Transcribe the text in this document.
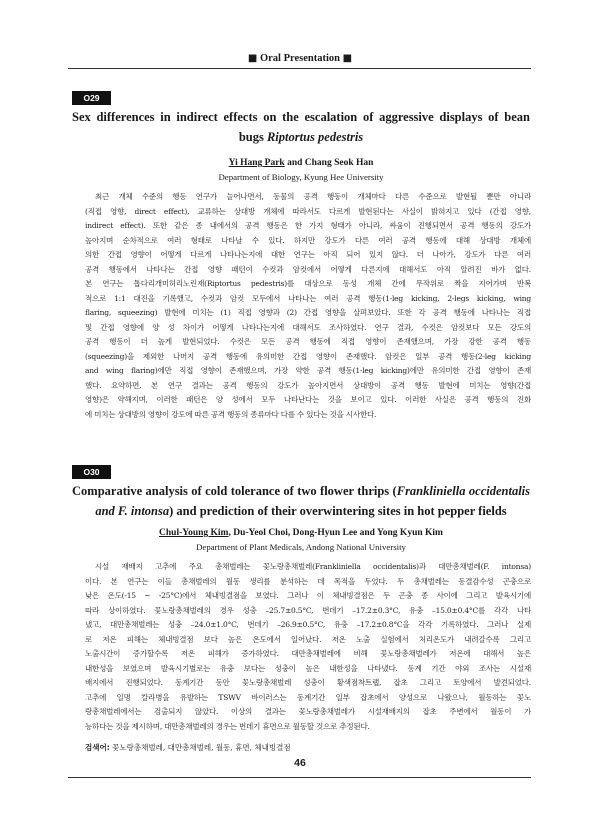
■ Oral Presentation ■
O29
Sex differences in indirect effects on the escalation of aggressive displays of bean
bugs Riptortus pedestris
Yi Hang Park and Chang Seok Han
Department of Biology, Kyung Hee University
최근 개체 수준의 행동 연구가 늘어나면서, 동물의 공격 행동이 개체마다 다른 수준으로 발현될 뿐만 아니라
(직접 영향, direct effect), 교류하는 상대방 개체에 따라서도 다르게 발현된다는 사실이 밝혀지고 있다 (간접 영향,
indirect effect). 또한 같은 종 내에서의 공격 행동은 한 가지 형태가 아니라, 싸움이 진행되면서 공격 행동의 강도가
높아지며 순차적으로 여러 형태로 나타날 수 있다. 하지만 강도가 다른 여러 공격 행동에 대해 상대방 개체에
의한 간접 영향이 어떻게 다르게 나타나는지에 대한 연구는 아직 되어 있지 않다. 더 나아가, 강도가 다른 여러
공격 행동에서 나타나는 간접 영향 패턴이 수컷과 암컷에서 어떻게 다른지에 대해서도 아직 알려진 바가 없다.
본 연구는 톱다리개미허리노린재(Riptortus pedestris)를 대상으로 동성 개체 간에 무작위로 짝을 지어가며 반복
적으로 1:1 대진을 기록했고, 수컷과 암컷 모두에서 나타나는 여러 공격 행동(1-leg kicking, 2-legs kicking, wing
flaring, squeezing) 발현에 미치는 (1) 직접 영향과 (2) 간접 영향을 살펴보았다. 또한 각 공격 행동에 나타나는 직접
및 간접 영향에 양 성 차이가 어떻게 나타나는지에 대해서도 조사하였다. 연구 결과, 수컷은 암컷보다 모든 강도의
공격 행동이 더 높게 발현되었다. 수컷은 모든 공격 행동에 직접 영향이 존재했으며, 가장 강한 공격 행동
(squeezing)을 제외한 나머지 공격 행동에 유의미한 간접 영향이 존재했다. 암컷은 일부 공격 행동(2-leg kicking
and wing flaring)에만 직접 영향이 존재했으며, 가장 약한 공격 행동(1-leg kicking)에만 유의미한 간접 영향이 존재
했다. 요약하면, 본 연구 결과는 공격 행동의 강도가 높아지면서 상대방이 공격 행동 발현에 미치는 영향(간접
영향)은 약해지며, 이러한 패턴은 양 성에서 모두 나타난다는 것을 보이고 있다. 이러한 사실은 공격 행동의 진화
에 미치는 상대방의 영향이 강도에 따른 공격 행동의 종류마다 다를 수 있다는 것을 시사한다.
O30
Comparative analysis of cold tolerance of two flower thrips (Frankliniella occidentalis
and F. intonsa) and prediction of their overwintering sites in hot pepper fields
Chul-Young Kim, Du-Yeol Choi, Dong-Hyun Lee and Yong Kyun Kim
Department of Plant Medicals, Andong National University
시설 재배지 고추에 주요 총채벌레는 꽃노랑총채벌레(Frankliniella occidentalis)과 대만총채벌레(F. intonsa)
이다. 본 연구는 이들 총채벌레의 월동 생리를 분석하는 데 목적을 두었다. 두 총채벌레는 동결감수성 곤충으로
낮은 온도(-15 ~ -25°C)에서 체내빙결점을 보였다. 그러나 이 체내빙결점은 두 곤충 종 사이에 그리고 발육시기에
따라 상이하였다. 꽃노랑총채벌레의 경우 성충 –25.7±0.5°C, 번데기 –17.2±0.3°C, 유충 –15.0±0.4°C를 각각 나타
냈고, 대만총채벌레는 성충 –24.0±1.0°C, 번데기 –26.9±0.5°C, 유충 –17.2±0.8°C을 각각 기록하였다. 그러나 실제
로 저온 피해는 체내빙결점 보다 높은 온도에서 일어났다. 저온 노출 실험에서 처리온도가 내려갈수록 그리고
노출시간이 증가할수록 저온 피해가 증가하였다. 대만총채벌레에 비해 꽃노랑총채벌레가 저온에 대해서 높은
내한성을 보였으며 발육시기별로는 유충 보다는 성충이 높은 내한성을 나타냈다. 동계 기간 야외 조사는 시설재
배지에서 진행되었다. 동계기간 동안 꽃노랑총채벌레 성충이 황색점착트랩, 잡초 그리고 토양에서 발견되었다.
고추에 일명 칼라병을 유발하는 TSWV 바이러스는 동계기간 일부 잡초에서 양성으로 나왔으나, 월동하는 꽃노
랑총채벌레에서는 검출되지 않았다. 이상의 결과는 꽃노랑총채벌레가 시설재배지의 잡초 주변에서 월동이 가
능하다는 것을 제시하며, 대만총채벌레의 경우는 번데기 휴면으로 월동할 것으로 추정된다.
검색어: 꽃노랑총채벌레, 대만총채벌레, 월동, 휴면, 체내빙결점
46
